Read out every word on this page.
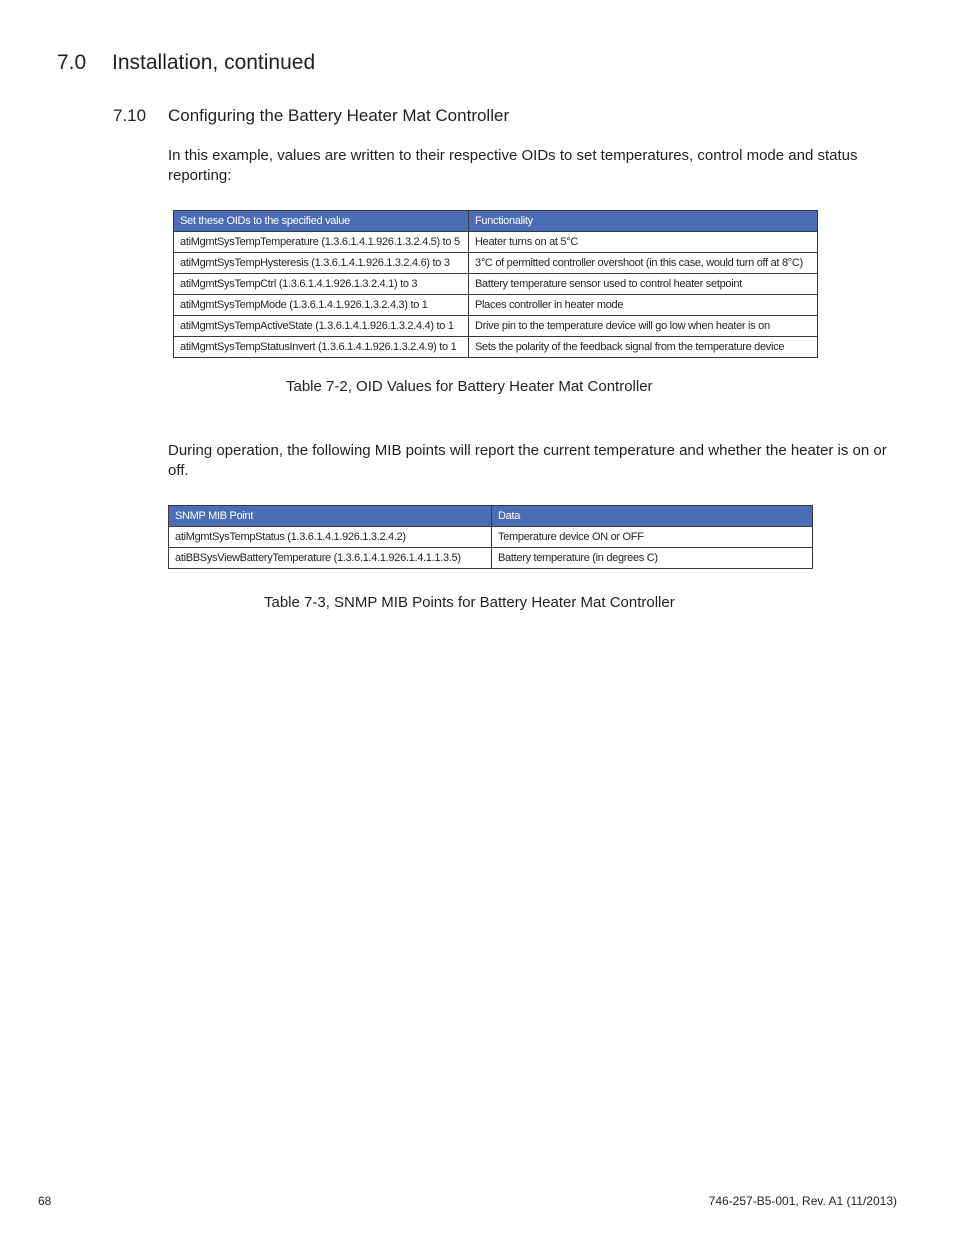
7.0 Installation, continued
7.10 Configuring the Battery Heater Mat Controller
In this example, values are written to their respective OIDs to set temperatures, control mode and status reporting:
Set these OIDs to the specified value	Functionality
atiMgmtSysTempTemperature (1.3.6.1.4.1.926.1.3.2.4.5) to 5	Heater turns on at 5°C
atiMgmtSysTempHysteresis (1.3.6.1.4.1.926.1.3.2.4.6) to 3	3°C of permitted controller overshoot (in this case, would turn off at 8°C)
atiMgmtSysTempCtrl (1.3.6.1.4.1.926.1.3.2.4.1) to 3	Battery temperature sensor used to control heater setpoint
atiMgmtSysTempMode (1.3.6.1.4.1.926.1.3.2.4.3) to 1	Places controller in heater mode
atiMgmtSysTempActiveState (1.3.6.1.4.1.926.1.3.2.4.4) to 1	Drive pin to the temperature device will go low when heater is on
atiMgmtSysTempStatusInvert (1.3.6.1.4.1.926.1.3.2.4.9) to 1	Sets the polarity of the feedback signal from the temperature device
Table 7-2, OID Values for Battery Heater Mat Controller
During operation, the following MIB points will report the current temperature and whether the heater is on or off.
SNMP MIB Point	Data
atiMgmtSysTempStatus (1.3.6.1.4.1.926.1.3.2.4.2)	Temperature device ON or OFF
atiBBSysViewBatteryTemperature (1.3.6.1.4.1.926.1.4.1.1.3.5)	Battery temperature (in degrees C)
Table 7-3, SNMP MIB Points for Battery Heater Mat Controller
68	746-257-B5-001, Rev. A1 (11/2013)
